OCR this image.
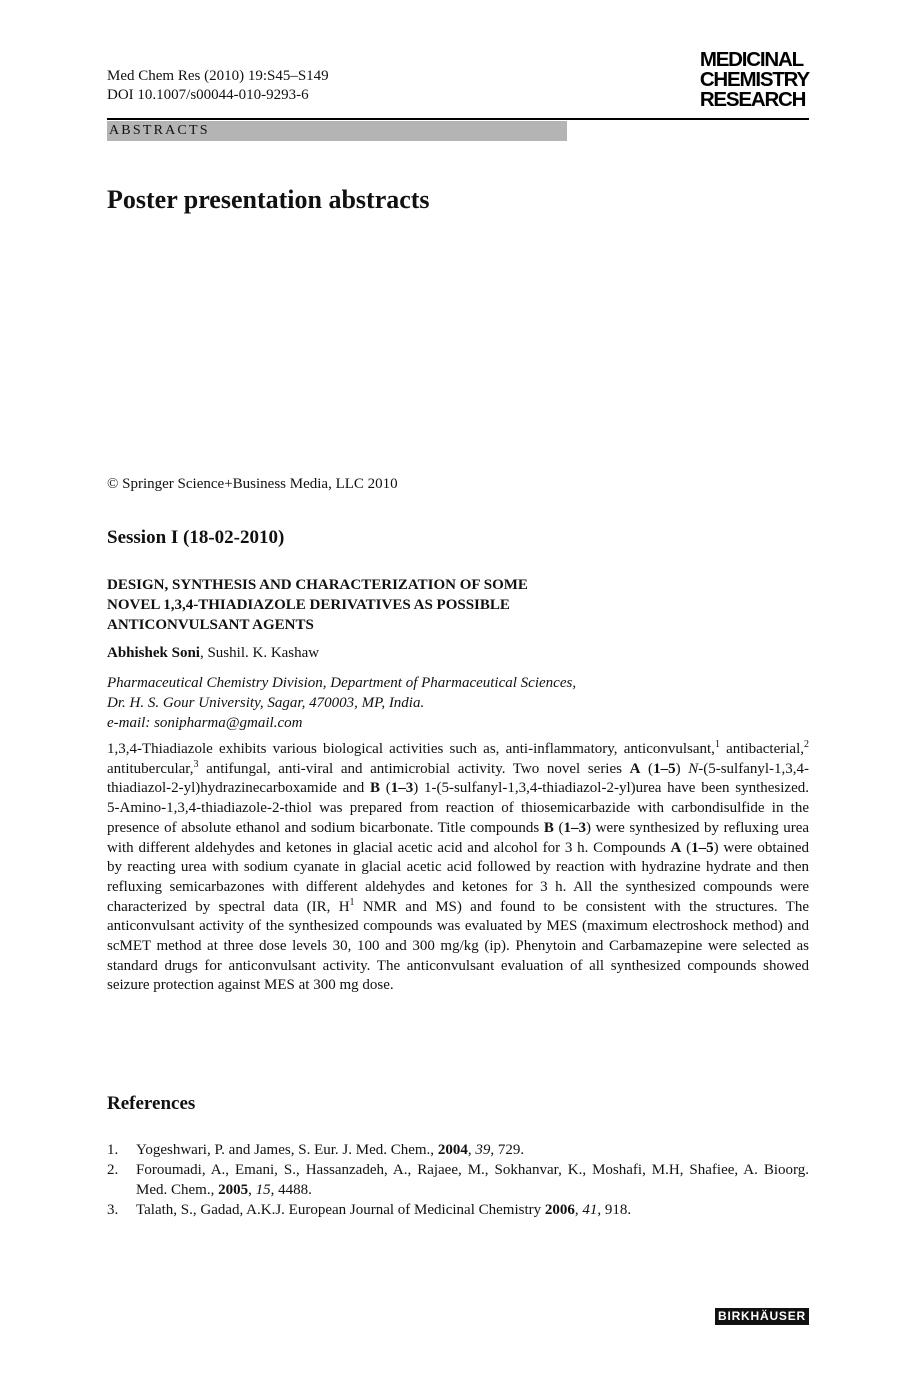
Med Chem Res (2010) 19:S45–S149
DOI 10.1007/s00044-010-9293-6
MEDICINAL
CHEMISTRY
RESEARCH
ABSTRACTS
Poster presentation abstracts
© Springer Science+Business Media, LLC 2010
Session I (18-02-2010)
DESIGN, SYNTHESIS AND CHARACTERIZATION OF SOME
NOVEL 1,3,4-THIADIAZOLE DERIVATIVES AS POSSIBLE
ANTICONVULSANT AGENTS
Abhishek Soni, Sushil. K. Kashaw
Pharmaceutical Chemistry Division, Department of Pharmaceutical Sciences,
Dr. H. S. Gour University, Sagar, 470003, MP, India.
e-mail: sonipharma@gmail.com

1,3,4-Thiadiazole exhibits various biological activities such as, anti-inflammatory, anticonvulsant,$^1$ antibacterial,$^2$ antitubercular,$^3$ antifungal, anti-viral and antimicrobial activity. Two novel series A (1–5) N-(5-sulfanyl-1,3,4-thiadiazol-2-yl)hydrazinecarboxamide and B (1–3) 1-(5-sulfanyl-1,3,4-thiadiazol-2-yl)urea have been synthesized. 5-Amino-1,3,4-thiadiazole-2-thiol was prepared from reaction of thiosemicarbazide with carbondisulfide in the presence of absolute ethanol and sodium bicarbonate. Title compounds B (1–3) were synthesized by refluxing urea with different aldehydes and ketones in glacial acetic acid and alcohol for 3 h. Compounds A (1–5) were obtained by reacting urea with sodium cyanate in glacial acetic acid followed by reaction with hydrazine hydrate and then refluxing semicarbazones with different aldehydes and ketones for 3 h. All the synthesized compounds were characterized by spectral data (IR, $H^1$ NMR and MS) and found to be consistent with the structures. The anticonvulsant activity of the synthesized compounds was evaluated by MES (maximum electroshock method) and scMET method at three dose levels 30, 100 and 300 mg/kg (ip). Phenytoin and Carbamazepine were selected as standard drugs for anticonvulsant activity. The anticonvulsant evaluation of all synthesized compounds showed seizure protection against MES at 300 mg dose.

References
1. Yogeshwari, P. and James, S. Eur. J. Med. Chem., 2004, 39, 729.
2. Foroumadi, A., Emani, S., Hassanzadeh, A., Rajaee, M., Sokhanvar, K., Moshafi, M.H, Shafiee, A. Bioorg. Med. Chem., 2005, 15, 4488.
3. Talath, S., Gadad, A.K.J. European Journal of Medicinal Chemistry 2006, 41, 918.
BIRKHÄUSER
